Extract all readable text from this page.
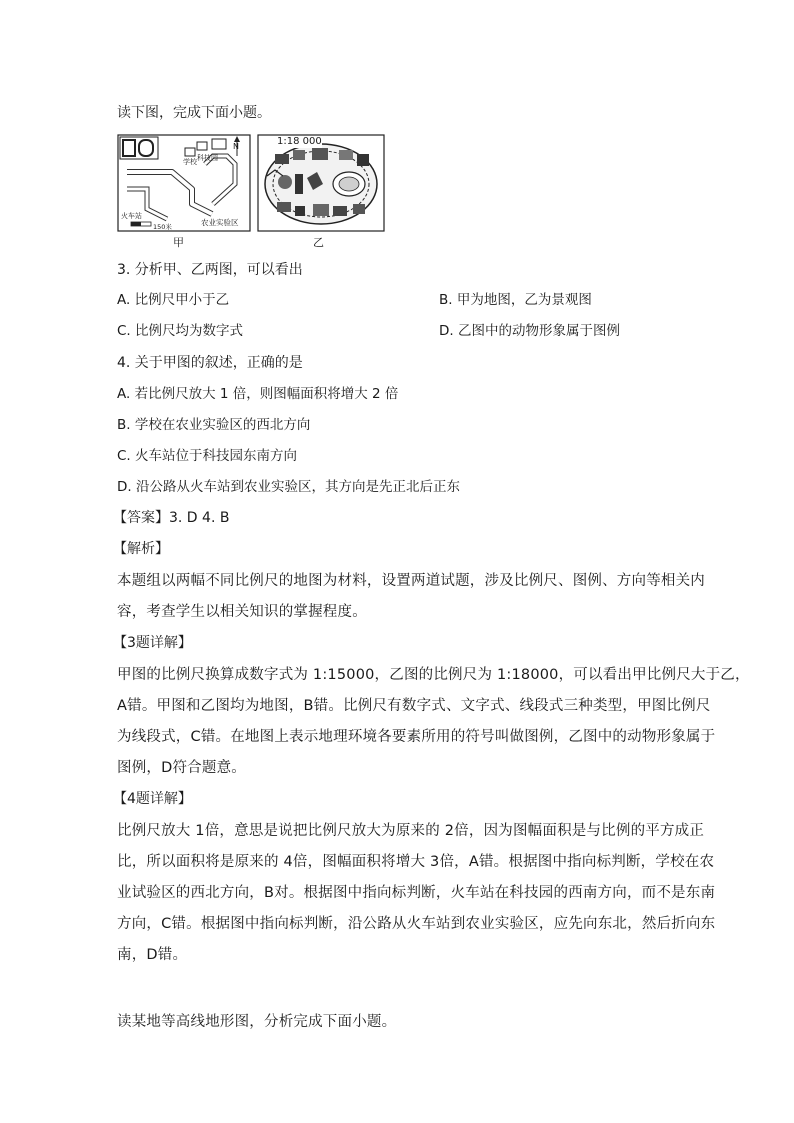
读下图，完成下面小题。
学校
1:18 000
N
农业实验区
火车站
150米
科技园
甲	乙
3. 分析甲、乙两图，可以看出
A. 比例尺甲小于乙	B. 甲为地图，乙为景观图
C. 比例尺均为数字式	D. 乙图中的动物形象属于图例
4. 关于甲图的叙述，正确的是
A. 若比例尺放大 1 倍，则图幅面积将增大 2 倍
B. 学校在农业实验区的西北方向
C. 火车站位于科技园东南方向
D. 沿公路从火车站到农业实验区，其方向是先正北后正东
【答案】3. D 4. B
【解析】
本题组以两幅不同比例尺的地图为材料，设置两道试题，涉及比例尺、图例、方向等相关内
容，考查学生以相关知识的掌握程度。
【3题详解】
甲图的比例尺换算成数字式为 1:15000，乙图的比例尺为 1:18000，可以看出甲比例尺大于乙，
A错。甲图和乙图均为地图，B错。比例尺有数字式、文字式、线段式三种类型，甲图比例尺
为线段式，C错。在地图上表示地理环境各要素所用的符号叫做图例，乙图中的动物形象属于
图例，D符合题意。
【4题详解】
比例尺放大 1倍，意思是说把比例尺放大为原来的 2倍，因为图幅面积是与比例的平方成正
比，所以面积将是原来的 4倍，图幅面积将增大 3倍，A错。根据图中指向标判断，学校在农
业试验区的西北方向，B对。根据图中指向标判断，火车站在科技园的西南方向，而不是东南
方向，C错。根据图中指向标判断，沿公路从火车站到农业实验区，应先向东北，然后折向东
南，D错。
读某地等高线地形图，分析完成下面小题。
